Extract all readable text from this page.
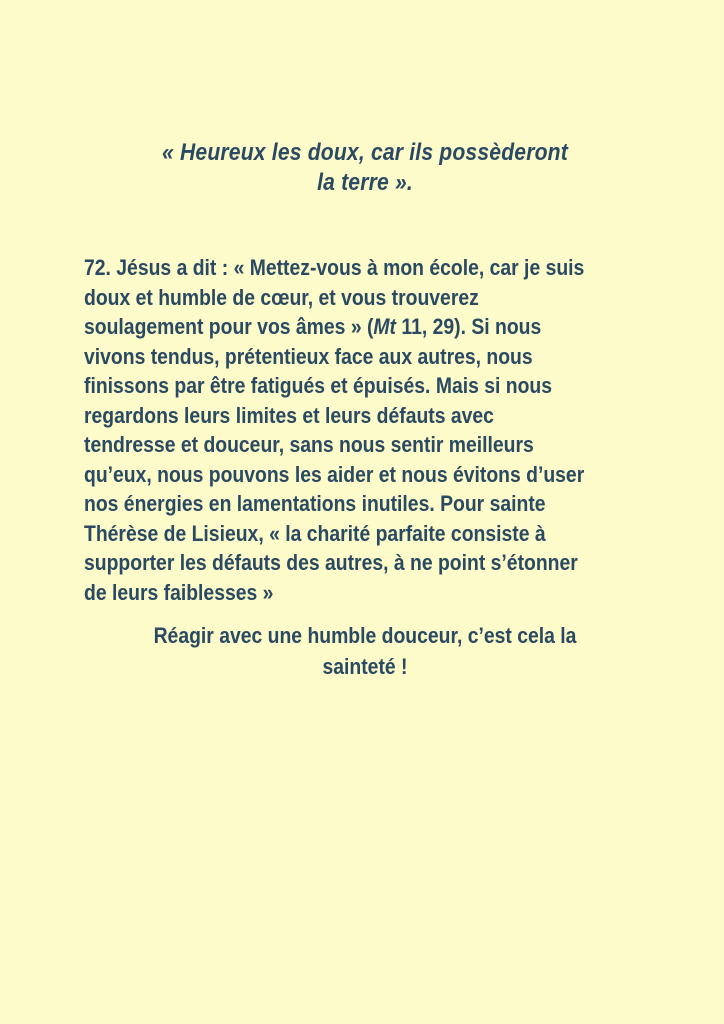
« Heureux les doux, car ils possèderont
la terre ».
72. Jésus a dit : « Mettez-vous à mon école, car je suis
doux et humble de cœur, et vous trouverez
soulagement pour vos âmes » (Mt 11, 29). Si nous
vivons tendus, prétentieux face aux autres, nous
finissons par être fatigués et épuisés. Mais si nous
regardons leurs limites et leurs défauts avec
tendresse et douceur, sans nous sentir meilleurs
qu’eux, nous pouvons les aider et nous évitons d’user
nos énergies en lamentations inutiles. Pour sainte
Thérèse de Lisieux, « la charité parfaite consiste à
supporter les défauts des autres, à ne point s’étonner
de leurs faiblesses »
Réagir avec une humble douceur, c’est cela la
sainteté !
